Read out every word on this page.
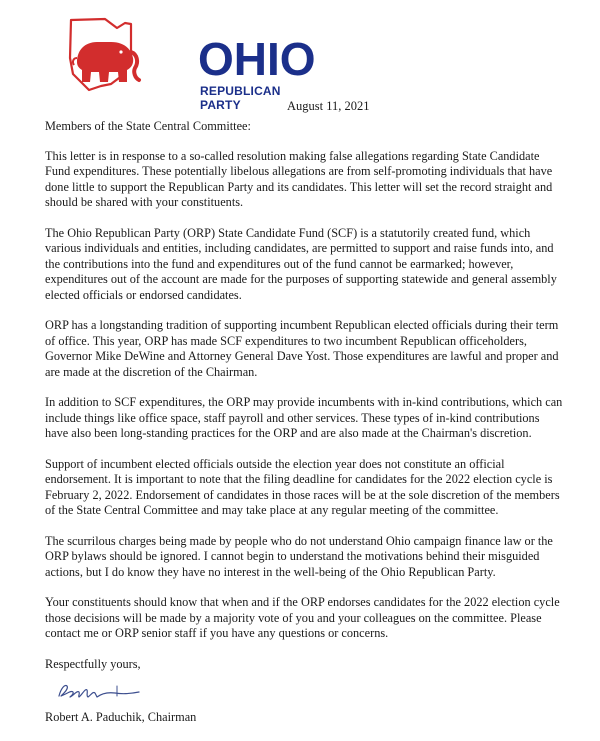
OHIO
REPUBLICAN PARTY	August 11, 2021

Members of the State Central Committee:

This letter is in response to a so-called resolution making false allegations regarding State Candidate Fund expenditures. These potentially libelous allegations are from self-promoting individuals that have done little to support the Republican Party and its candidates. This letter will set the record straight and should be shared with your constituents.

The Ohio Republican Party (ORP) State Candidate Fund (SCF) is a statutorily created fund, which various individuals and entities, including candidates, are permitted to support and raise funds into, and the contributions into the fund and expenditures out of the fund cannot be earmarked; however, expenditures out of the account are made for the purposes of supporting statewide and general assembly elected officials or endorsed candidates.

ORP has a longstanding tradition of supporting incumbent Republican elected officials during their term of office. This year, ORP has made SCF expenditures to two incumbent Republican officeholders, Governor Mike DeWine and Attorney General Dave Yost. Those expenditures are lawful and proper and are made at the discretion of the Chairman.

In addition to SCF expenditures, the ORP may provide incumbents with in-kind contributions, which can include things like office space, staff payroll and other services. These types of in-kind contributions have also been long-standing practices for the ORP and are also made at the Chairman's discretion.

Support of incumbent elected officials outside the election year does not constitute an official endorsement. It is important to note that the filing deadline for candidates for the 2022 election cycle is February 2, 2022. Endorsement of candidates in those races will be at the sole discretion of the members of the State Central Committee and may take place at any regular meeting of the committee.

The scurrilous charges being made by people who do not understand Ohio campaign finance law or the ORP bylaws should be ignored. I cannot begin to understand the motivations behind their misguided actions, but I do know they have no interest in the well-being of the Ohio Republican Party.

Your constituents should know that when and if the ORP endorses candidates for the 2022 election cycle those decisions will be made by a majority vote of you and your colleagues on the committee. Please contact me or ORP senior staff if you have any questions or concerns.

Respectfully yours,

Robert A. Paduchik, Chairman
